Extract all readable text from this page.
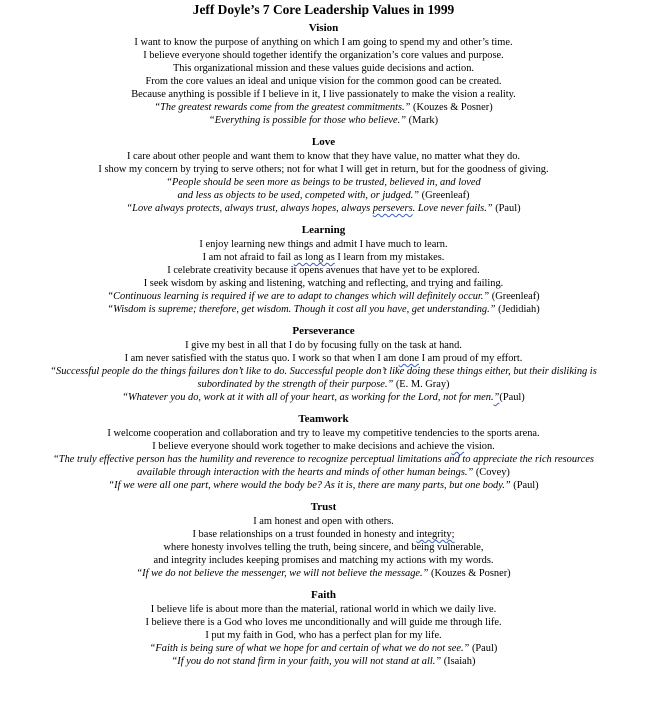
Jeff Doyle’s 7 Core Leadership Values in 1999
Vision
I want to know the purpose of anything on which I am going to spend my and other’s time.
I believe everyone should together identify the organization’s core values and purpose.
This organizational mission and these values guide decisions and action.
From the core values an ideal and unique vision for the common good can be created.
Because anything is possible if I believe in it, I live passionately to make the vision a reality.
“The greatest rewards come from the greatest commitments.” (Kouzes & Posner)
“Everything is possible for those who believe.” (Mark)
Love
I care about other people and want them to know that they have value, no matter what they do.
I show my concern by trying to serve others; not for what I will get in return, but for the goodness of giving.
“People should be seen more as beings to be trusted, believed in, and loved
and less as objects to be used, competed with, or judged.” (Greenleaf)
“Love always protects, always trust, always hopes, always persevers. Love never fails.” (Paul)
Learning
I enjoy learning new things and admit I have much to learn.
I am not afraid to fail as long as I learn from my mistakes.
I celebrate creativity because it opens avenues that have yet to be explored.
I seek wisdom by asking and listening, watching and reflecting, and trying and failing.
“Continuous learning is required if we are to adapt to changes which will definitely occur.” (Greenleaf)
“Wisdom is supreme; therefore, get wisdom. Though it cost all you have, get understanding.” (Jedidiah)
Perseverance
I give my best in all that I do by focusing fully on the task at hand.
I am never satisfied with the status quo. I work so that when I am done I am proud of my effort.
“Successful people do the things failures don’t like to do. Successful people don’t like doing these things either, but their disliking is
subordinated by the strength of their purpose.” (E. M. Gray)
“Whatever you do, work at it with all of your heart, as working for the Lord, not for men.”(Paul)
Teamwork
I welcome cooperation and collaboration and try to leave my competitive tendencies to the sports arena.
I believe everyone should work together to make decisions and achieve the vision.
“The truly effective person has the humility and reverence to recognize perceptual limitations and to appreciate the rich resources
available through interaction with the hearts and minds of other human beings.” (Covey)
“If we were all one part, where would the body be? As it is, there are many parts, but one body.” (Paul)
Trust
I am honest and open with others.
I base relationships on a trust founded in honesty and integrity;
where honesty involves telling the truth, being sincere, and being vulnerable,
and integrity includes keeping promises and matching my actions with my words.
“If we do not believe the messenger, we will not believe the message.” (Kouzes & Posner)
Faith
I believe life is about more than the material, rational world in which we daily live.
I believe there is a God who loves me unconditionally and will guide me through life.
I put my faith in God, who has a perfect plan for my life.
“Faith is being sure of what we hope for and certain of what we do not see.” (Paul)
“If you do not stand firm in your faith, you will not stand at all.” (Isaiah)
